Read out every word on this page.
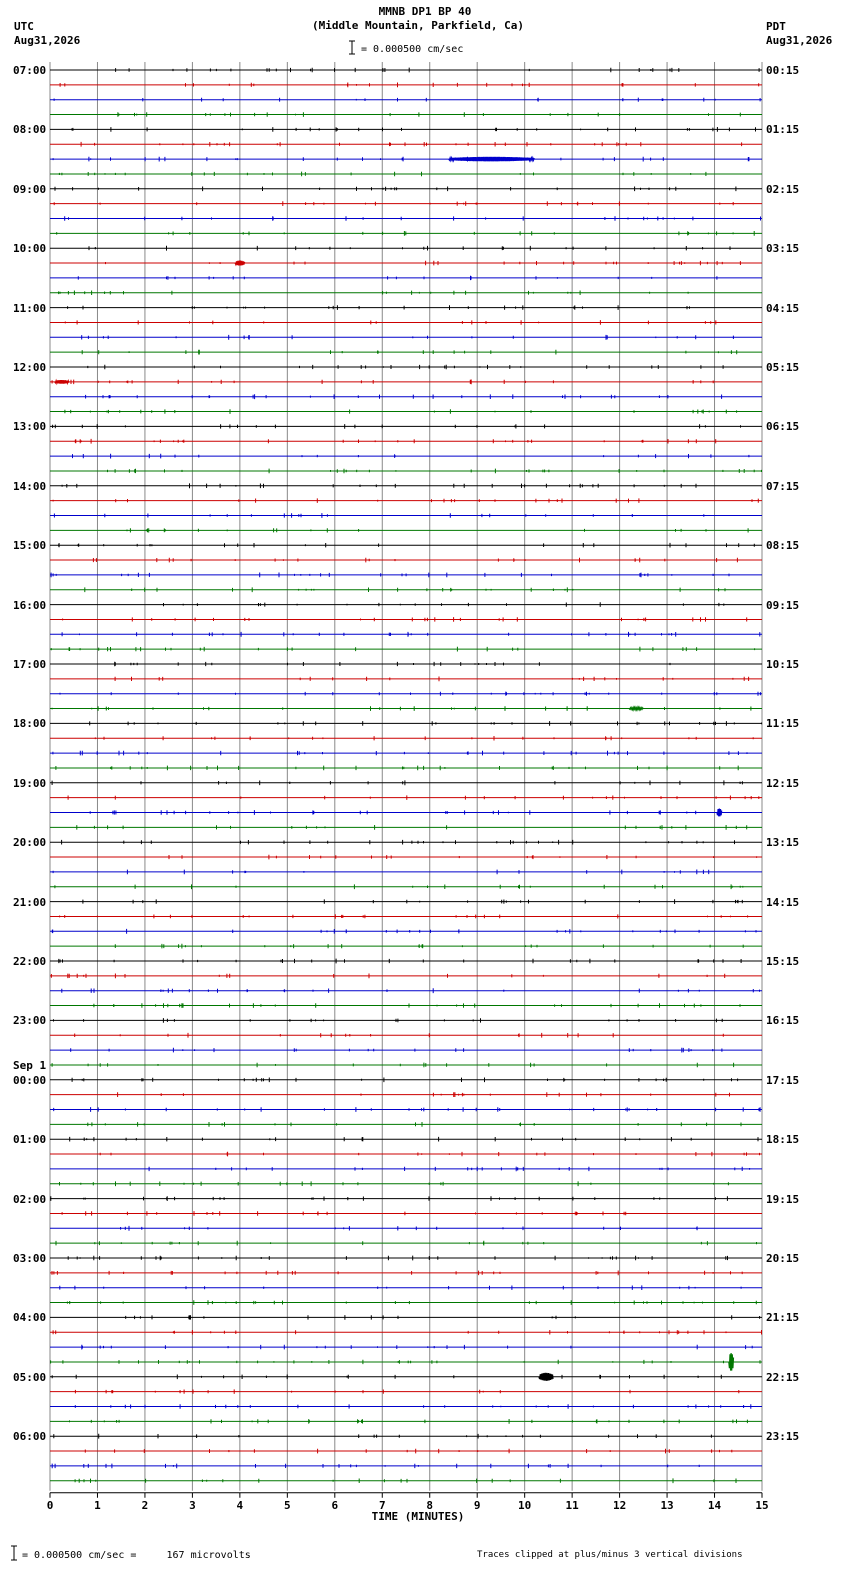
0	1	2	3	4	5	6	7	8	9	10	11	12	13	14	15
MMNB DP1 BP 40
(Middle Mountain, Parkfield, Ca)
UTC
Aug31,2026
PDT
Aug31,2026
= 0.000500 cm/sec
07:00
08:00
09:00
10:00
11:00
12:00
13:00
14:00
15:00
16:00
17:00
18:00
19:00
20:00
21:00
22:00
23:00
Sep 1
00:00
01:00
02:00
03:00
04:00
05:00
06:00
00:15
01:15
02:15
03:15
04:15
05:15
06:15
07:15
08:15
09:15
10:15
11:15
12:15
13:15
14:15
15:15
16:15
17:15
18:15
19:15
20:15
21:15
22:15
23:15
TIME (MINUTES)
= 0.000500 cm/sec =     167 microvolts	Traces clipped at plus/minus 3 vertical divisions
